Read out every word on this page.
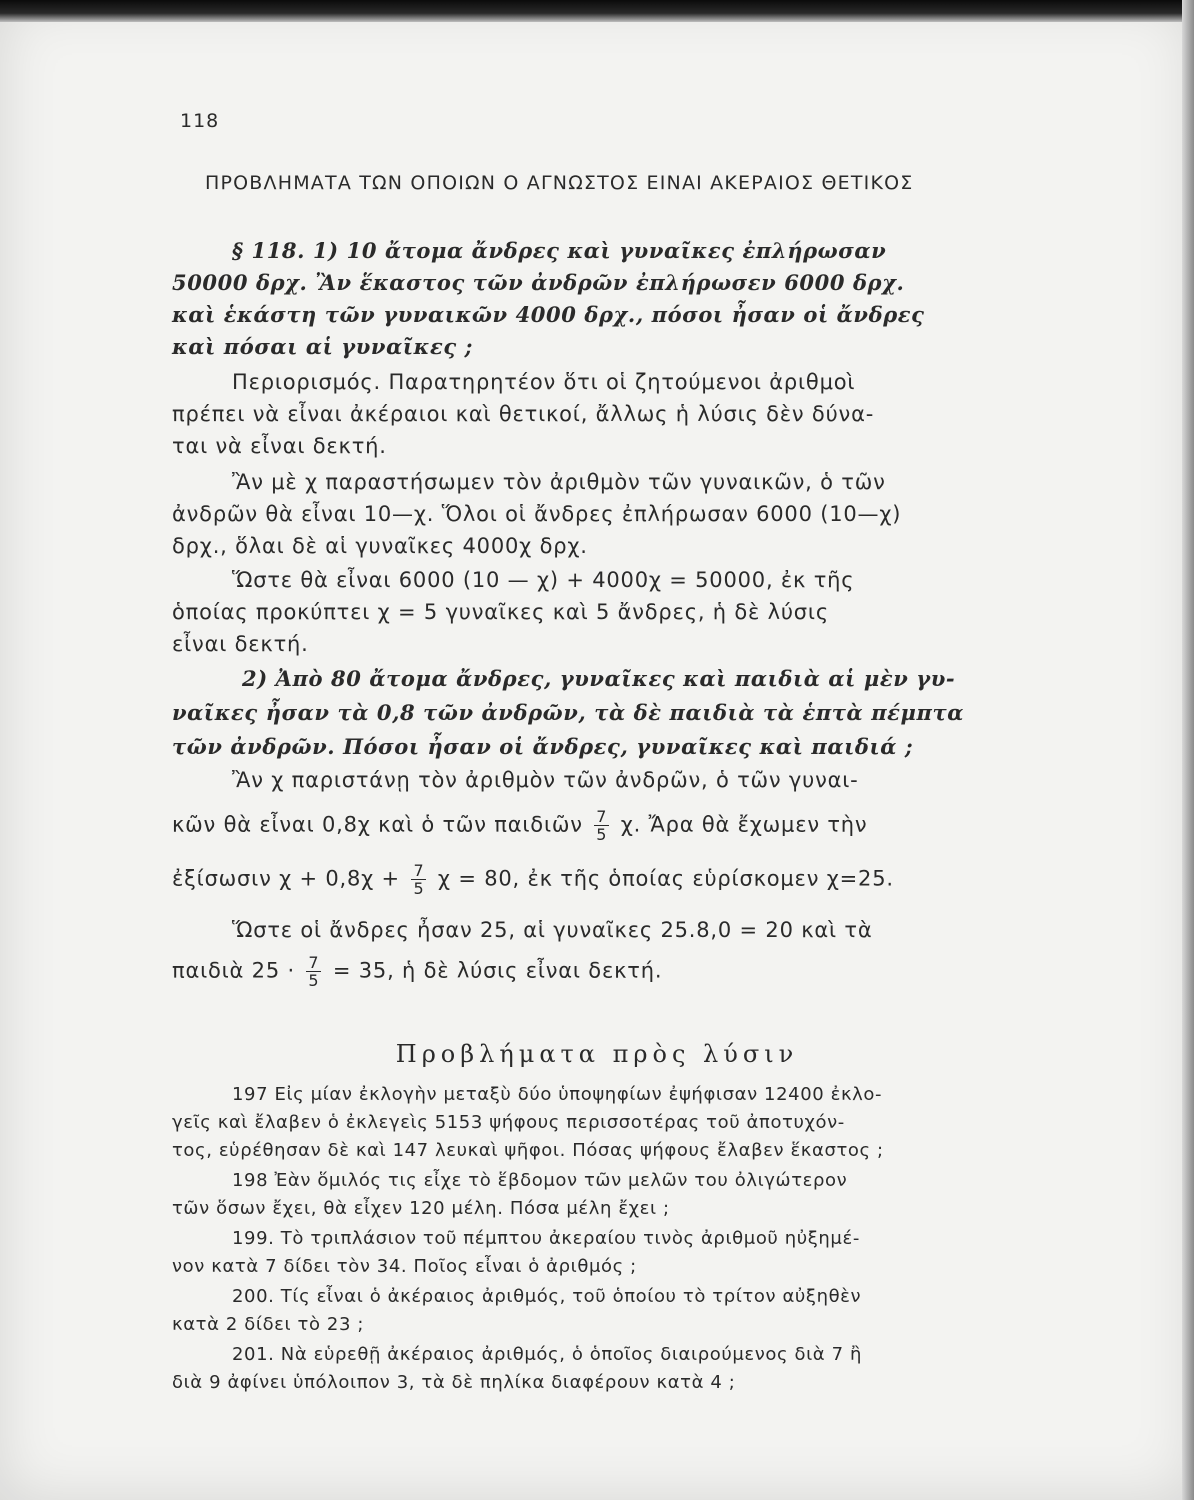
118
ΠΡΟΒΛΗΜΑΤΑ ΤΩΝ ΟΠΟΙΩΝ Ο ΑΓΝΩΣΤΟΣ ΕΙΝΑΙ ΑΚΕΡΑΙΟΣ ΘΕΤΙΚΟΣ
§ 118. 1) 10 ἄτομα ἄνδρες καὶ γυναῖκες ἐπλήρωσαν
50000 δρχ. Ἂν ἕκαστος τῶν ἀνδρῶν ἐπλήρωσεν 6000 δρχ.
καὶ ἑκάστη τῶν γυναικῶν 4000 δρχ., πόσοι ἦσαν οἱ ἄνδρες
καὶ πόσαι αἱ γυναῖκες ;
Περιορισμός. Παρατηρητέον ὅτι οἱ ζητούμενοι ἀριθμοὶ
πρέπει νὰ εἶναι ἀκέραιοι καὶ θετικοί, ἄλλως ἡ λύσις δὲν δύνα-
ται νὰ εἶναι δεκτή.
Ἂν μὲ χ παραστήσωμεν τὸν ἀριθμὸν τῶν γυναικῶν, ὁ τῶν
ἀνδρῶν θὰ εἶναι 10—χ. Ὅλοι οἱ ἄνδρες ἐπλήρωσαν 6000 (10—χ)
δρχ., ὅλαι δὲ αἱ γυναῖκες 4000χ δρχ.
Ὥστε θὰ εἶναι 6000 (10 — χ) + 4000χ = 50000, ἐκ τῆς
ὁποίας προκύπτει χ = 5 γυναῖκες καὶ 5 ἄνδρες, ἡ δὲ λύσις
εἶναι δεκτή.
2) Ἀπὸ 80 ἄτομα ἄνδρες, γυναῖκες καὶ παιδιὰ αἱ μὲν γυ-
ναῖκες ἦσαν τὰ 0,8 τῶν ἀνδρῶν, τὰ δὲ παιδιὰ τὰ ἑπτὰ πέμπτα
τῶν ἀνδρῶν. Πόσοι ἦσαν οἱ ἄνδρες, γυναῖκες καὶ παιδιά ;
Ἂν χ παριστάνῃ τὸν ἀριθμὸν τῶν ἀνδρῶν, ὁ τῶν γυναι-
κῶν θὰ εἶναι 0,8χ καὶ ὁ τῶν παιδιῶν $\frac{7}{5} \chi$. Ἄρα θὰ ἔχωμεν τὴν
ἐξίσωσιν $\chi + 0,8\chi + \frac{7}{5}$ χ = 80, ἐκ τῆς ὁποίας εὑρίσκομεν χ=25.
Ὥστε οἱ ἄνδρες ἦσαν 25, αἱ γυναῖκες 25.8,0 = 20 καὶ τὰ
παιδιὰ $25 \cdot \frac{7}{5} = 35$, ἡ δὲ λύσις εἶναι δεκτή.
Προβλήματα πρὸς λύσιν
197 Εἰς μίαν ἐκλογὴν μεταξὺ δύο ὑποψηφίων ἐψήφισαν 12400 ἐκλο-
γεῖς καὶ ἔλαβεν ὁ ἐκλεγεὶς 5153 ψήφους περισσοτέρας τοῦ ἀποτυχόν-
τος, εὑρέθησαν δὲ καὶ 147 λευκαὶ ψῆφοι. Πόσας ψήφους ἔλαβεν ἕκαστος ;
198 Ἐὰν ὅμιλός τις εἶχε τὸ ἕβδομον τῶν μελῶν του ὀλιγώτερον
τῶν ὅσων ἔχει, θὰ εἶχεν 120 μέλη. Πόσα μέλη ἔχει ;
199. Τὸ τριπλάσιον τοῦ πέμπτου ἀκεραίου τινὸς ἀριθμοῦ ηὐξημέ-
νον κατὰ 7 δίδει τὸν 34. Ποῖος εἶναι ὁ ἀριθμός ;
200. Τίς εἶναι ὁ ἀκέραιος ἀριθμός, τοῦ ὁποίου τὸ τρίτον αὐξηθὲν
κατὰ 2 δίδει τὸ 23 ;
201. Νὰ εὑρεθῇ ἀκέραιος ἀριθμός, ὁ ὁποῖος διαιρούμενος διὰ 7 ἢ
διὰ 9 ἀφίνει ὑπόλοιπον 3, τὰ δὲ πηλίκα διαφέρουν κατὰ 4 ;
